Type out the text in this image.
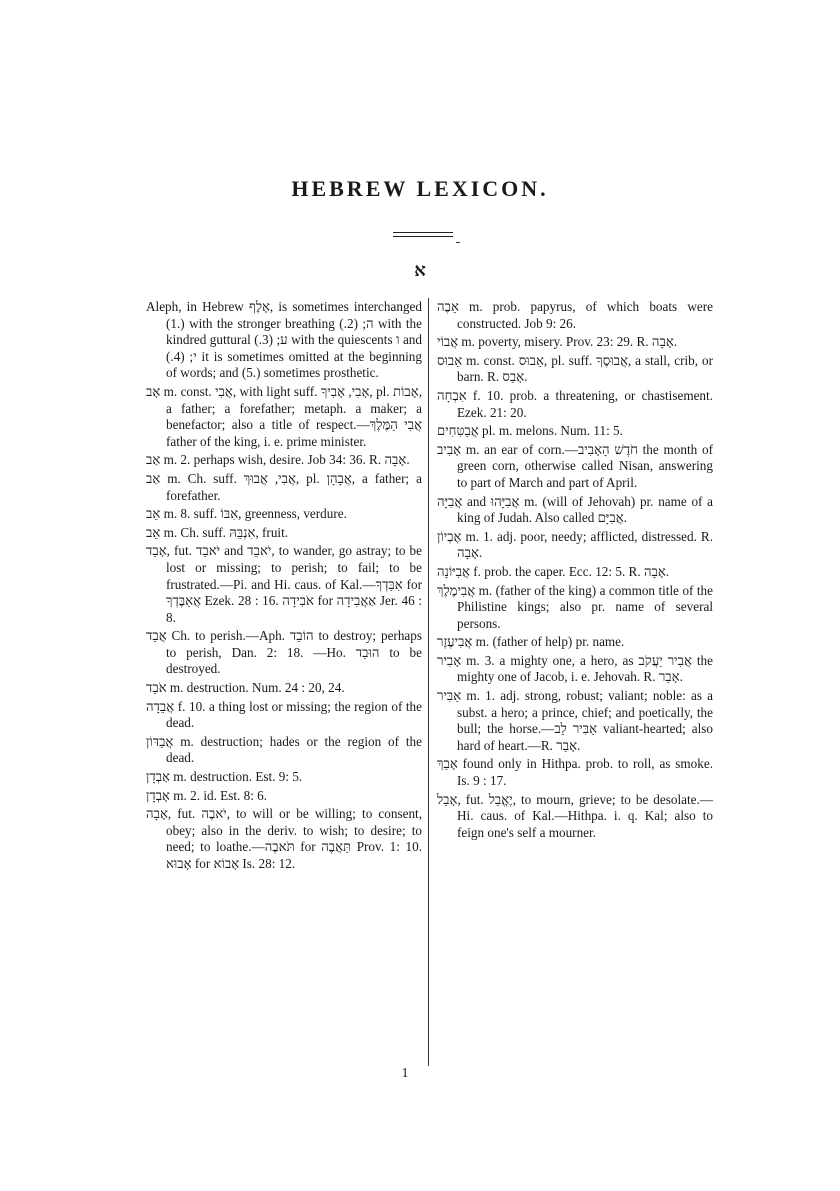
HEBREW LEXICON.
א

Aleph, in Hebrew אָלֶף, is sometimes interchanged (1.) with the stronger breathing ה; (2.) with the kindred guttural ע; (3.) with the quiescents ו and י; (4.) it is sometimes omitted at the beginning of words; and (5.) sometimes prosthetic.

אָב m. const. אֲבִי, with light suff. אָבִי, אָבִיךָ, pl. אָבוֹת, a father; a forefather; metaph. a maker; a benefactor; also a title of respect.—אֲבִי הַמֶּלֶךְ father of the king, i. e. prime minister.

אַב m. 2. perhaps wish, desire. Job 34: 36. R. אָבָה.

אַב m. Ch. suff. אֲבִי, אֲבוּךְ, pl. אֲבָהָן, a father; a forefather.

אֵב m. 8. suff. אִבּוֹ, greenness, verdure.

אֵב m. Ch. suff. אִנְבֵּהּ, fruit.

אָבַד, fut. יֹאבַד and יֹאבֵד, to wander, go astray; to be lost or missing; to perish; to fail; to be frustrated.—Pi. and Hi. caus. of Kal.—אִבַּדְךָ for אֲאַבֶּדְךָ Ezek. 28 : 16. אֹבִידָה for אַאֲבִידָה Jer. 46 : 8.

אֲבַד Ch. to perish.—Aph. הוֹבֵד to destroy; perhaps to perish, Dan. 2: 18. —Ho. הוּבַד to be destroyed.

אֹבֵד m. destruction. Num. 24 : 20, 24.

אֲבֵדָה f. 10. a thing lost or missing; the region of the dead.

אֲבַדּוֹן m. destruction; hades or the region of the dead.

אַבְדָן m. destruction. Est. 9: 5.

אָבְדָן m. 2. id. Est. 8: 6.

אָבָה, fut. יֹאבֶה, to will or be willing; to consent, obey; also in the deriv. to wish; to desire; to need; to loathe.—תֹּאבֶה for תַּאֲבֶה Prov. 1: 10. אָבוּא for אָבוֹא Is. 28: 12.

אֵבֶה m. prob. papyrus, of which boats were constructed. Job 9: 26.

אֲבוֹי m. poverty, misery. Prov. 23: 29. R. אָבָה.

אֵבוּס m. const. אֵבוּס, pl. suff. אֲבוּסֶךָ, a stall, crib, or barn. R. אָבַס.

אִבְחָה f. 10. prob. a threatening, or chastisement. Ezek. 21: 20.

אֲבַטִּחִים pl. m. melons. Num. 11: 5.

אָבִיב m. an ear of corn.—חֹדֶשׁ הָאָבִיב the month of green corn, otherwise called Nisan, answering to part of March and part of April.

אֲבִיָּה and אֲבִיָּהוּ m. (will of Jehovah) pr. name of a king of Judah. Also called אֲבִיָּם.

אֶבְיוֹן m. 1. adj. poor, needy; afflicted, distressed. R. אָבָה.

אֲבִיּוֹנָה f. prob. the caper. Ecc. 12: 5. R. אָבָה.

אֲבִימֶלֶךְ m. (father of the king) a common title of the Philistine kings; also pr. name of several persons.

אֲבִיעֶזֶר m. (father of help) pr. name.

אָבִיר m. 3. a mighty one, a hero, as אֲבִיר יַעֲקֹב the mighty one of Jacob, i. e. Jehovah. R. אָבַר.

אַבִּיר m. 1. adj. strong, robust; valiant; noble: as a subst. a hero; a prince, chief; and poetically, the bull; the horse.—אַבִּיר לֵב valiant-hearted; also hard of heart.—R. אָבַר.

אָבַךְ found only in Hithpa. prob. to roll, as smoke. Is. 9 : 17.

אָבַל, fut. יֶאֱבַל, to mourn, grieve; to be desolate.—Hi. caus. of Kal.—Hithpa. i. q. Kal; also to feign one's self a mourner.

1
